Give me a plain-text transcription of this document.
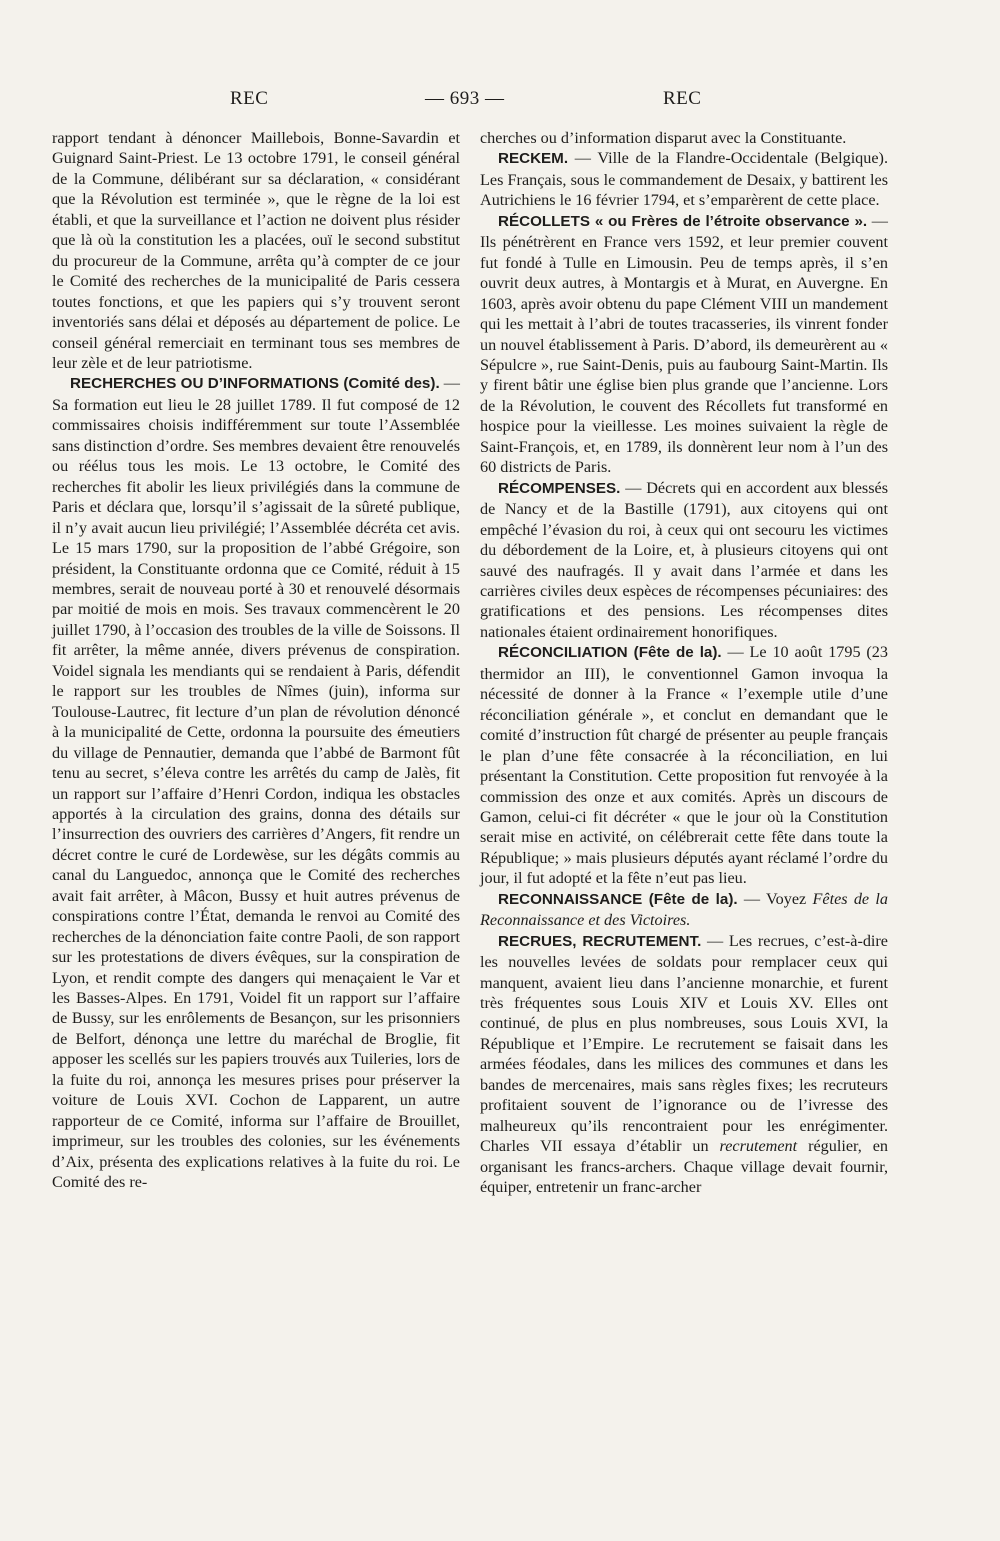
REC	— 693 —	REC

rapport tendant à dénoncer Maillebois, Bonne-Savardin et Guignard Saint-Priest. Le 13 octobre 1791, le conseil général de la Commune, délibérant sur sa déclaration, « considérant que la Révolution est terminée », que le règne de la loi est établi, et que la surveillance et l’action ne doivent plus résider que là où la constitution les a placées, ouï le second substitut du procureur de la Commune, arrêta qu’à compter de ce jour le Comité des recherches de la municipalité de Paris cessera toutes fonctions, et que les papiers qui s’y trouvent seront inventoriés sans délai et déposés au département de police. Le conseil général remerciait en terminant tous ses membres de leur zèle et de leur patriotisme.

RECHERCHES OU D’INFORMATIONS (Comité des). — Sa formation eut lieu le 28 juillet 1789. Il fut composé de 12 commissaires choisis indifféremment sur toute l’Assemblée sans distinction d’ordre. Ses membres devaient être renouvelés ou réélus tous les mois. Le 13 octobre, le Comité des recherches fit abolir les lieux privilégiés dans la commune de Paris et déclara que, lorsqu’il s’agissait de la sûreté publique, il n’y avait aucun lieu privilégié; l’Assemblée décréta cet avis. Le 15 mars 1790, sur la proposition de l’abbé Grégoire, son président, la Constituante ordonna que ce Comité, réduit à 15 membres, serait de nouveau porté à 30 et renouvelé désormais par moitié de mois en mois. Ses travaux commencèrent le 20 juillet 1790, à l’occasion des troubles de la ville de Soissons. Il fit arrêter, la même année, divers prévenus de conspiration. Voidel signala les mendiants qui se rendaient à Paris, défendit le rapport sur les troubles de Nîmes (juin), informa sur Toulouse-Lautrec, fit lecture d’un plan de révolution dénoncé à la municipalité de Cette, ordonna la poursuite des émeutiers du village de Pennautier, demanda que l’abbé de Barmont fût tenu au secret, s’éleva contre les arrêtés du camp de Jalès, fit un rapport sur l’affaire d’Henri Cordon, indiqua les obstacles apportés à la circulation des grains, donna des détails sur l’insurrection des ouvriers des carrières d’Angers, fit rendre un décret contre le curé de Lordewèse, sur les dégâts commis au canal du Languedoc, annonça que le Comité des recherches avait fait arrêter, à Mâcon, Bussy et huit autres prévenus de conspirations contre l’État, demanda le renvoi au Comité des recherches de la dénonciation faite contre Paoli, de son rapport sur les protestations de divers évêques, sur la conspiration de Lyon, et rendit compte des dangers qui menaçaient le Var et les Basses-Alpes. En 1791, Voidel fit un rapport sur l’affaire de Bussy, sur les enrôlements de Besançon, sur les prisonniers de Belfort, dénonça une lettre du maréchal de Broglie, fit apposer les scellés sur les papiers trouvés aux Tuileries, lors de la fuite du roi, annonça les mesures prises pour préserver la voiture de Louis XVI. Cochon de Lapparent, un autre rapporteur de ce Comité, informa sur l’affaire de Brouillet, imprimeur, sur les troubles des colonies, sur les événements d’Aix, présenta des explications relatives à la fuite du roi. Le Comité des re-

cherches ou d’information disparut avec la Constituante.

RECKEM. — Ville de la Flandre-Occidentale (Belgique). Les Français, sous le commandement de Desaix, y battirent les Autrichiens le 16 février 1794, et s’emparèrent de cette place.

RÉCOLLETS « ou Frères de l’étroite observance ». — Ils pénétrèrent en France vers 1592, et leur premier couvent fut fondé à Tulle en Limousin. Peu de temps après, il s’en ouvrit deux autres, à Montargis et à Murat, en Auvergne. En 1603, après avoir obtenu du pape Clément VIII un mandement qui les mettait à l’abri de toutes tracasseries, ils vinrent fonder un nouvel établissement à Paris. D’abord, ils demeurèrent au « Sépulcre », rue Saint-Denis, puis au faubourg Saint-Martin. Ils y firent bâtir une église bien plus grande que l’ancienne. Lors de la Révolution, le couvent des Récollets fut transformé en hospice pour la vieillesse. Les moines suivaient la règle de Saint-François, et, en 1789, ils donnèrent leur nom à l’un des 60 districts de Paris.

RÉCOMPENSES. — Décrets qui en accordent aux blessés de Nancy et de la Bastille (1791), aux citoyens qui ont empêché l’évasion du roi, à ceux qui ont secouru les victimes du débordement de la Loire, et, à plusieurs citoyens qui ont sauvé des naufragés. Il y avait dans l’armée et dans les carrières civiles deux espèces de récompenses pécuniaires: des gratifications et des pensions. Les récompenses dites nationales étaient ordinairement honorifiques.

RÉCONCILIATION (Fête de la). — Le 10 août 1795 (23 thermidor an III), le conventionnel Gamon invoqua la nécessité de donner à la France « l’exemple utile d’une réconciliation générale », et conclut en demandant que le comité d’instruction fût chargé de présenter au peuple français le plan d’une fête consacrée à la réconciliation, en lui présentant la Constitution. Cette proposition fut renvoyée à la commission des onze et aux comités. Après un discours de Gamon, celui-ci fit décréter « que le jour où la Constitution serait mise en activité, on célébrerait cette fête dans toute la République; » mais plusieurs députés ayant réclamé l’ordre du jour, il fut adopté et la fête n’eut pas lieu.

RECONNAISSANCE (Fête de la). — Voyez Fêtes de la Reconnaissance et des Victoires.

RECRUES, RECRUTEMENT. — Les recrues, c’est-à-dire les nouvelles levées de soldats pour remplacer ceux qui manquent, avaient lieu dans l’ancienne monarchie, et furent très fréquentes sous Louis XIV et Louis XV. Elles ont continué, de plus en plus nombreuses, sous Louis XVI, la République et l’Empire. Le recrutement se faisait dans les armées féodales, dans les milices des communes et dans les bandes de mercenaires, mais sans règles fixes; les recruteurs profitaient souvent de l’ignorance ou de l’ivresse des malheureux qu’ils rencontraient pour les enrégimenter. Charles VII essaya d’établir un recrutement régulier, en organisant les francs-archers. Chaque village devait fournir, équiper, entretenir un franc-archer
